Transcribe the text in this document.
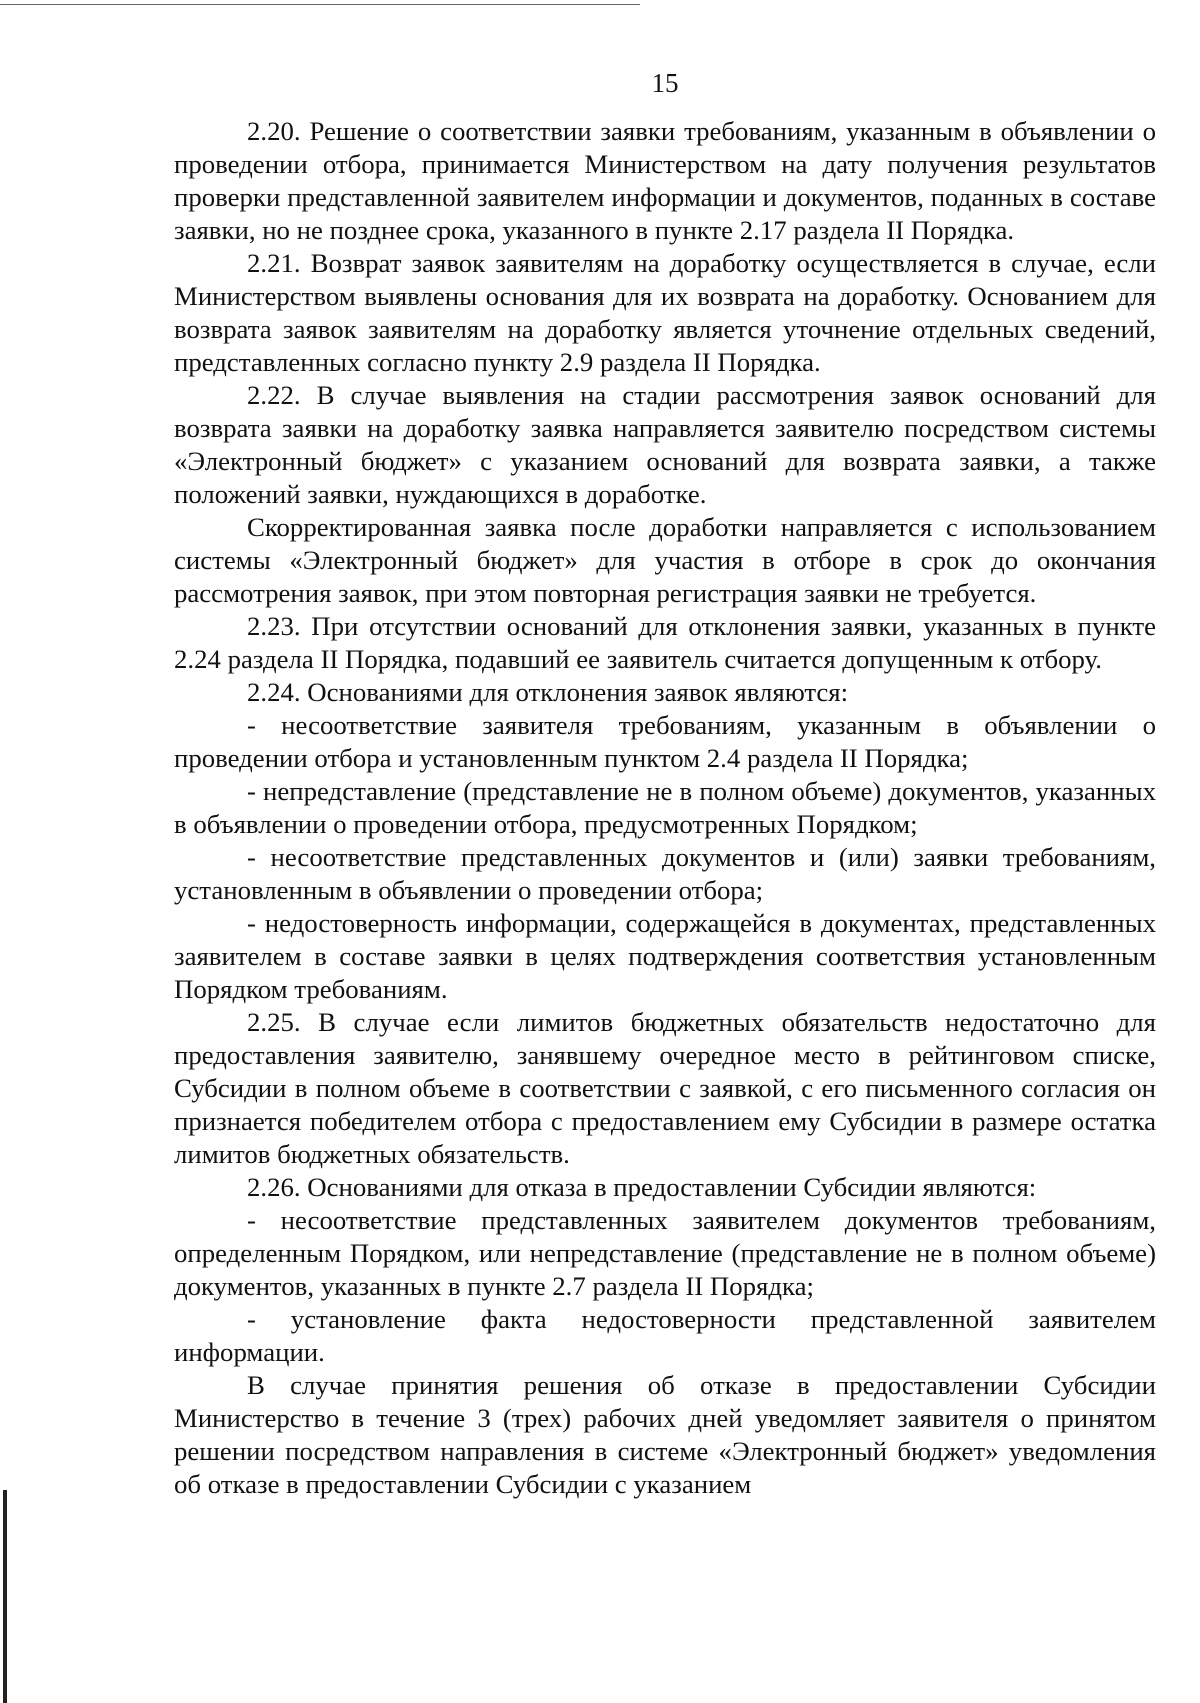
15

2.20. Решение о соответствии заявки требованиям, указанным в объявлении о проведении отбора, принимается Министерством на дату получения результатов проверки представленной заявителем информации и документов, поданных в составе заявки, но не позднее срока, указанного в пункте 2.17 раздела II Порядка.

2.21. Возврат заявок заявителям на доработку осуществляется в случае, если Министерством выявлены основания для их возврата на доработку. Основанием для возврата заявок заявителям на доработку является уточнение отдельных сведений, представленных согласно пункту 2.9 раздела II Порядка.

2.22. В случае выявления на стадии рассмотрения заявок оснований для возврата заявки на доработку заявка направляется заявителю посредством системы «Электронный бюджет» с указанием оснований для возврата заявки, а также положений заявки, нуждающихся в доработке.

Скорректированная заявка после доработки направляется с использованием системы «Электронный бюджет» для участия в отборе в срок до окончания рассмотрения заявок, при этом повторная регистрация заявки не требуется.

2.23. При отсутствии оснований для отклонения заявки, указанных в пункте 2.24 раздела II Порядка, подавший ее заявитель считается допущенным к отбору.

2.24. Основаниями для отклонения заявок являются:

- несоответствие заявителя требованиям, указанным в объявлении о проведении отбора и установленным пунктом 2.4 раздела II Порядка;

- непредставление (представление не в полном объеме) документов, указанных в объявлении о проведении отбора, предусмотренных Порядком;

- несоответствие представленных документов и (или) заявки требованиям, установленным в объявлении о проведении отбора;

- недостоверность информации, содержащейся в документах, представленных заявителем в составе заявки в целях подтверждения соответствия установленным Порядком требованиям.

2.25. В случае если лимитов бюджетных обязательств недостаточно для предоставления заявителю, занявшему очередное место в рейтинговом списке, Субсидии в полном объеме в соответствии с заявкой, с его письменного согласия он признается победителем отбора с предоставлением ему Субсидии в размере остатка лимитов бюджетных обязательств.

2.26. Основаниями для отказа в предоставлении Субсидии являются:

- несоответствие представленных заявителем документов требованиям, определенным Порядком, или непредставление (представление не в полном объеме) документов, указанных в пункте 2.7 раздела II Порядка;

- установление факта недостоверности представленной заявителем информации.

В случае принятия решения об отказе в предоставлении Субсидии Министерство в течение 3 (трех) рабочих дней уведомляет заявителя о принятом решении посредством направления в системе «Электронный бюджет» уведомления об отказе в предоставлении Субсидии с указанием
